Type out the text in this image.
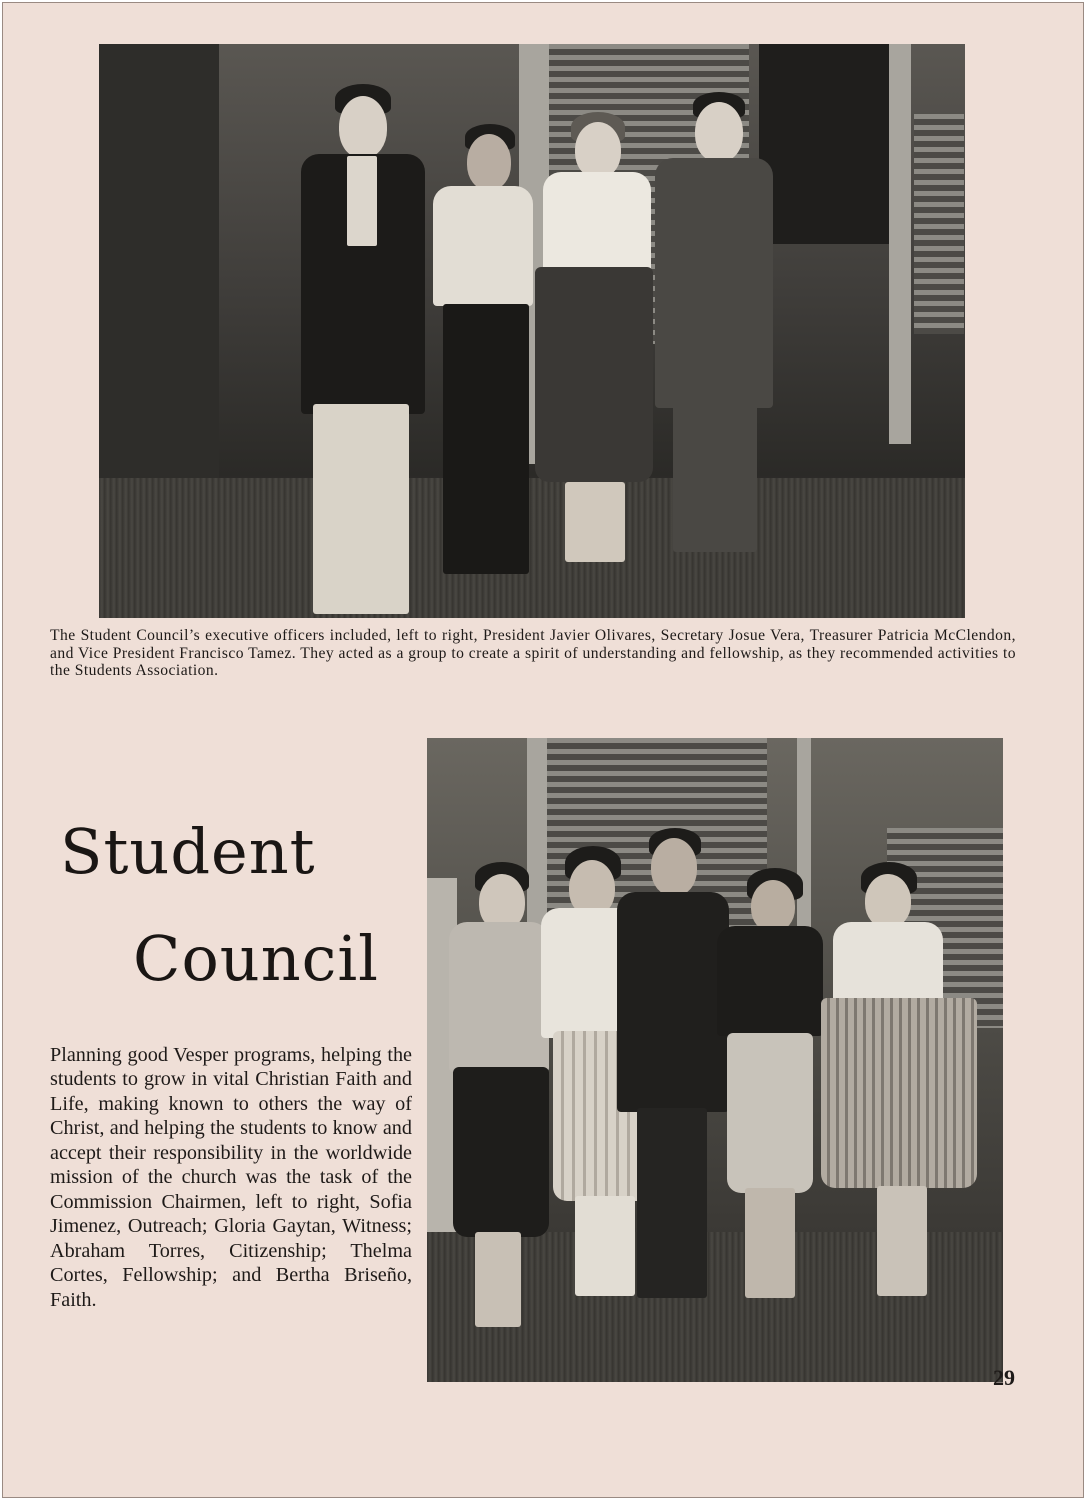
The Student Council’s executive officers included, left to right, President Javier Olivares, Secretary Josue Vera, Treasurer Patricia McClendon, and Vice President Francisco Tamez. They acted as a group to create a spirit of understanding and fellowship, as they recommended activities to the Students Association.

Student
Council

Planning good Vesper programs, helping the students to grow in vital Christian Faith and Life, making known to others the way of Christ, and helping the students to know and accept their responsibility in the worldwide mission of the church was the task of the Commission Chairmen, left to right, Sofia Jimenez, Outreach; Gloria Gaytan, Witness; Abraham Torres, Citizenship; Thelma Cortes, Fellowship; and Bertha Briseño, Faith.

29
